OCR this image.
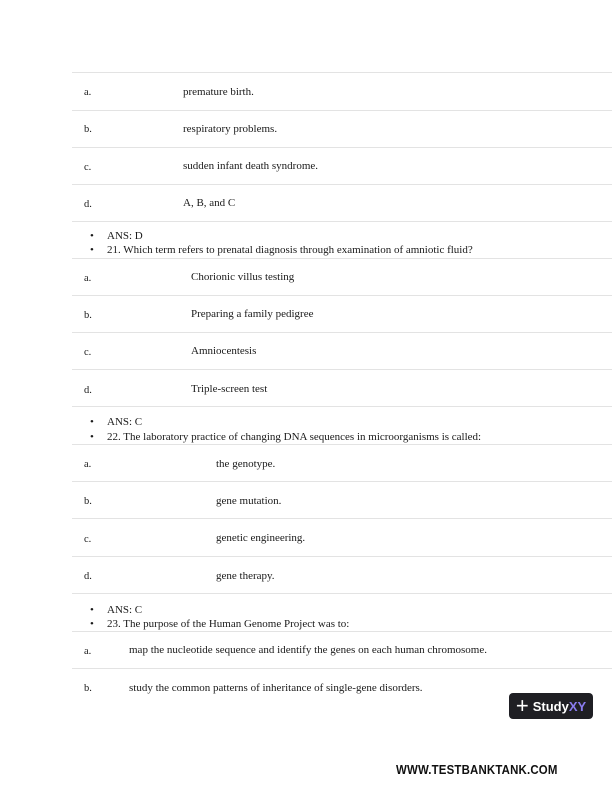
a.	premature birth.
b.	respiratory problems.
c.	sudden infant death syndrome.
d.	A, B, and C
• ANS: D
• 21. Which term refers to prenatal diagnosis through examination of amniotic fluid?
a.	Chorionic villus testing
b.	Preparing a family pedigree
c.	Amniocentesis
d.	Triple-screen test
• ANS: C
• 22. The laboratory practice of changing DNA sequences in microorganisms is called:
a.	the genotype.
b.	gene mutation.
c.	genetic engineering.
d.	gene therapy.
• ANS: C
• 23. The purpose of the Human Genome Project was to:
a.	map the nucleotide sequence and identify the genes on each human chromosome.
b.	study the common patterns of inheritance of single-gene disorders.
+ Study XY
WWW.TESTBANKTANK.COM
